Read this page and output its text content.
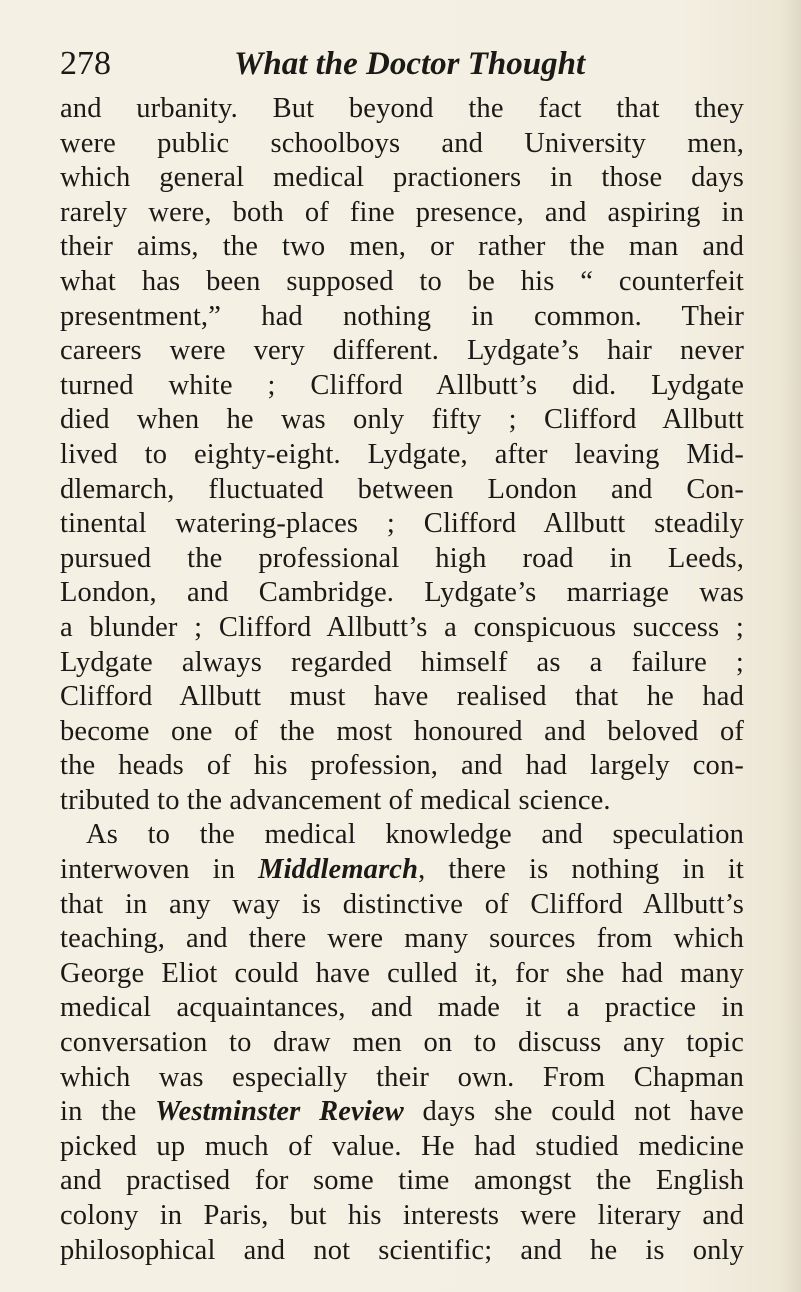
278	What the Doctor Thought
and urbanity. But beyond the fact that they
were public schoolboys and University men,
which general medical practioners in those days
rarely were, both of fine presence, and aspiring in
their aims, the two men, or rather the man and
what has been supposed to be his “ counterfeit
presentment,” had nothing in common. Their
careers were very different. Lydgate’s hair never
turned white ; Clifford Allbutt’s did. Lydgate
died when he was only fifty ; Clifford Allbutt
lived to eighty-eight. Lydgate, after leaving Mid-
dlemarch, fluctuated between London and Con-
tinental watering-places ; Clifford Allbutt steadily
pursued the professional high road in Leeds,
London, and Cambridge. Lydgate’s marriage was
a blunder ; Clifford Allbutt’s a conspicuous success ;
Lydgate always regarded himself as a failure ;
Clifford Allbutt must have realised that he had
become one of the most honoured and beloved of
the heads of his profession, and had largely con-
tributed to the advancement of medical science.
As to the medical knowledge and speculation
interwoven in Middlemarch, there is nothing in it
that in any way is distinctive of Clifford Allbutt’s
teaching, and there were many sources from which
George Eliot could have culled it, for she had many
medical acquaintances, and made it a practice in
conversation to draw men on to discuss any topic
which was especially their own. From Chapman
in the Westminster Review days she could not have
picked up much of value. He had studied medicine
and practised for some time amongst the English
colony in Paris, but his interests were literary and
philosophical and not scientific; and he is only
